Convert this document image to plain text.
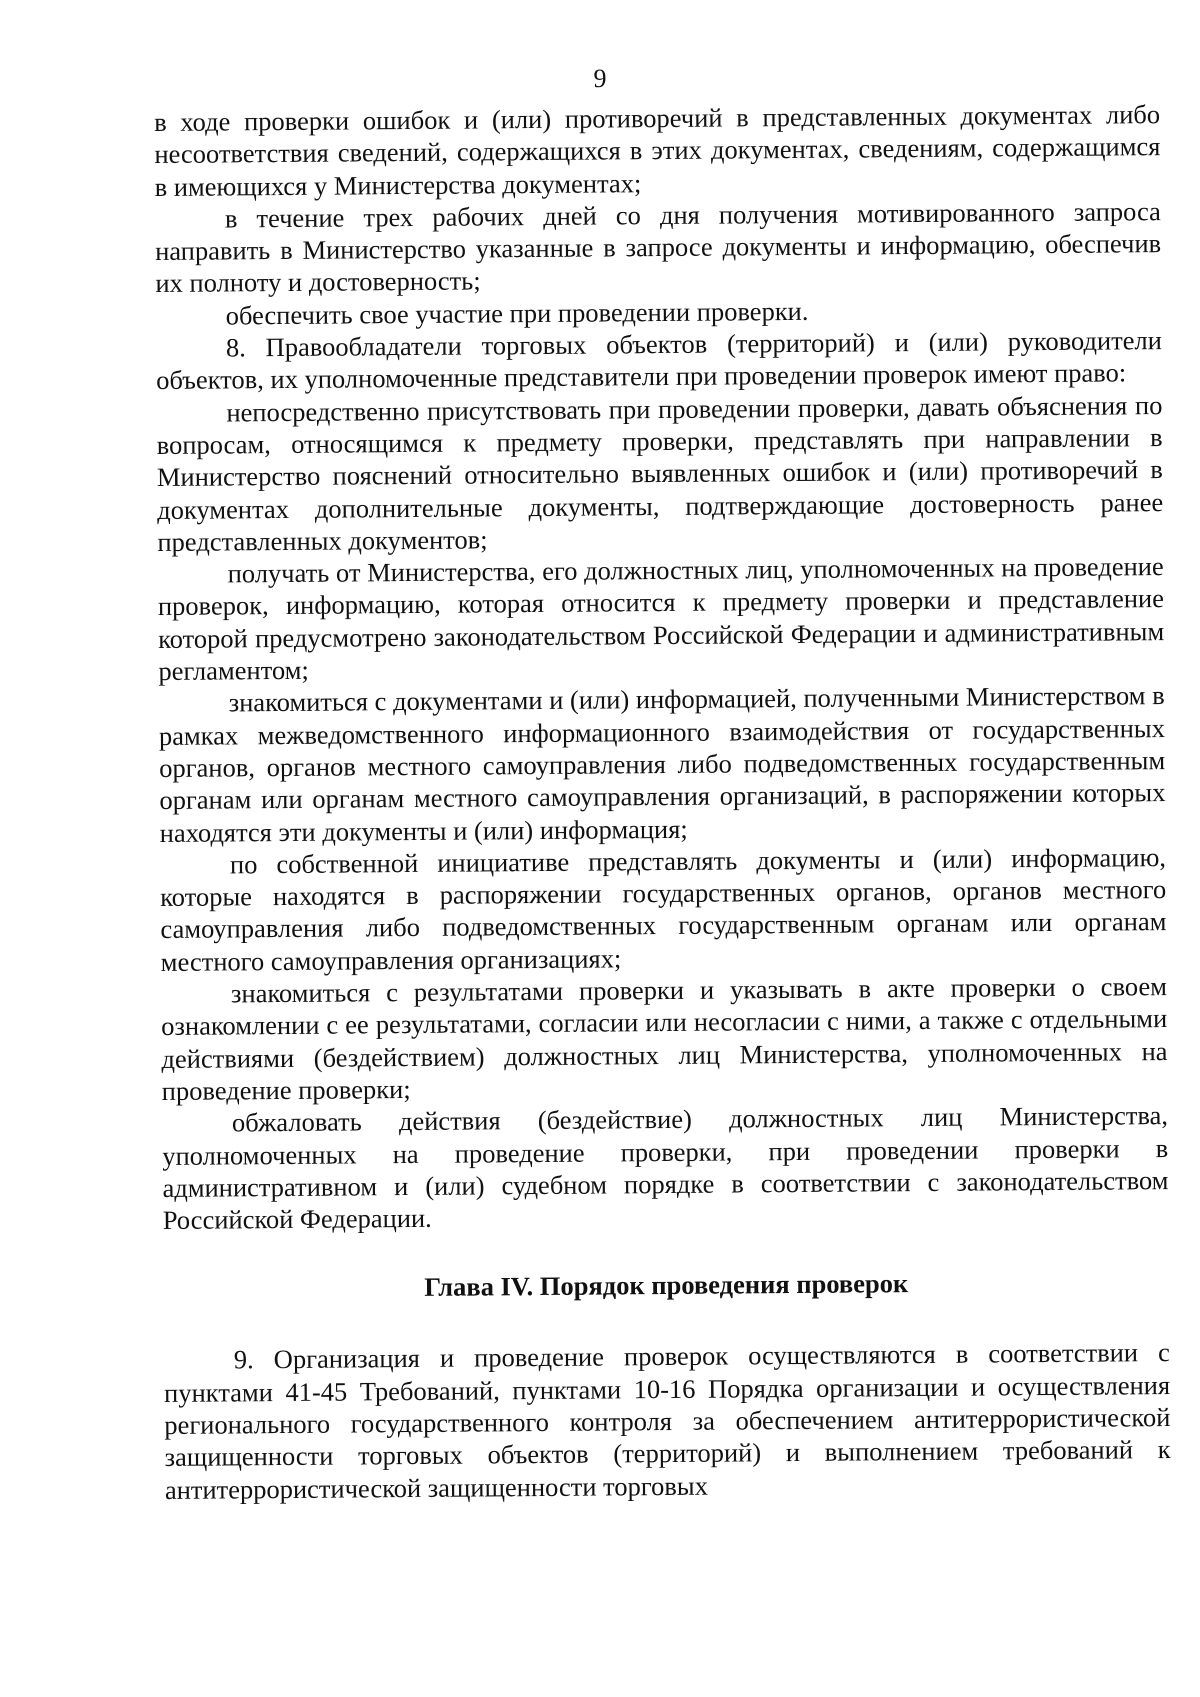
9

в ходе проверки ошибок и (или) противоречий в представленных документах либо несоответствия сведений, содержащихся в этих документах, сведениям, содержащимся в имеющихся у Министерства документах;

в течение трех рабочих дней со дня получения мотивированного запроса направить в Министерство указанные в запросе документы и информацию, обеспечив их полноту и достоверность;

обеспечить свое участие при проведении проверки.

8. Правообладатели торговых объектов (территорий) и (или) руководители объектов, их уполномоченные представители при проведении проверок имеют право:

непосредственно присутствовать при проведении проверки, давать объяснения по вопросам, относящимся к предмету проверки, представлять при направлении в Министерство пояснений относительно выявленных ошибок и (или) противоречий в документах дополнительные документы, подтверждающие достоверность ранее представленных документов;

получать от Министерства, его должностных лиц, уполномоченных на проведение проверок, информацию, которая относится к предмету проверки и представление которой предусмотрено законодательством Российской Федерации и административным регламентом;

знакомиться с документами и (или) информацией, полученными Министерством в рамках межведомственного информационного взаимодействия от государственных органов, органов местного самоуправления либо подведомственных государственным органам или органам местного самоуправления организаций, в распоряжении которых находятся эти документы и (или) информация;

по собственной инициативе представлять документы и (или) информацию, которые находятся в распоряжении государственных органов, органов местного самоуправления либо подведомственных государственным органам или органам местного самоуправления организациях;

знакомиться с результатами проверки и указывать в акте проверки о своем ознакомлении с ее результатами, согласии или несогласии с ними, а также с отдельными действиями (бездействием) должностных лиц Министерства, уполномоченных на проведение проверки;

обжаловать действия (бездействие) должностных лиц Министерства, уполномоченных на проведение проверки, при проведении проверки в административном и (или) судебном порядке в соответствии с законодательством Российской Федерации.

Глава IV. Порядок проведения проверок

9. Организация и проведение проверок осуществляются в соответствии с пунктами 41-45 Требований, пунктами 10-16 Порядка организации и осуществления регионального государственного контроля за обеспечением антитеррористической защищенности торговых объектов (территорий) и выполнением требований к антитеррористической защищенности торговых
